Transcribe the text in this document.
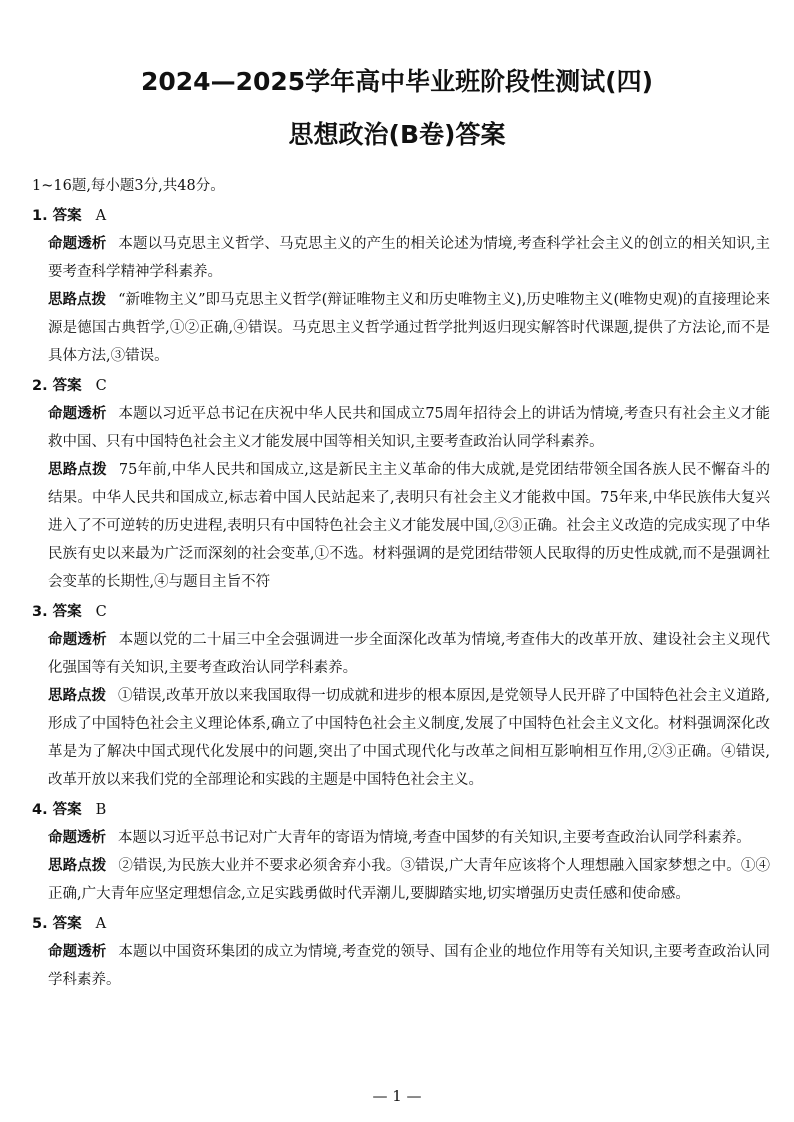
2024—2025学年高中毕业班阶段性测试(四)
思想政治(B卷)答案
1~16题,每小题3分,共48分。
1. 答案 A
命题透析 本题以马克思主义哲学、马克思主义的产生的相关论述为情境,考查科学社会主义的创立的相关知识,主要考查科学精神学科素养。
思路点拨 “新唯物主义”即马克思主义哲学(辩证唯物主义和历史唯物主义),历史唯物主义(唯物史观)的直接理论来源是德国古典哲学,①②正确,④错误。马克思主义哲学通过哲学批判返归现实解答时代课题,提供了方法论,而不是具体方法,③错误。
2. 答案 C
命题透析 本题以习近平总书记在庆祝中华人民共和国成立75周年招待会上的讲话为情境,考查只有社会主义才能救中国、只有中国特色社会主义才能发展中国等相关知识,主要考查政治认同学科素养。
思路点拨 75年前,中华人民共和国成立,这是新民主主义革命的伟大成就,是党团结带领全国各族人民不懈奋斗的结果。中华人民共和国成立,标志着中国人民站起来了,表明只有社会主义才能救中国。75年来,中华民族伟大复兴进入了不可逆转的历史进程,表明只有中国特色社会主义才能发展中国,②③正确。社会主义改造的完成实现了中华民族有史以来最为广泛而深刻的社会变革,①不选。材料强调的是党团结带领人民取得的历史性成就,而不是强调社会变革的长期性,④与题目主旨不符
3. 答案 C
命题透析 本题以党的二十届三中全会强调进一步全面深化改革为情境,考查伟大的改革开放、建设社会主义现代化强国等有关知识,主要考查政治认同学科素养。
思路点拨 ①错误,改革开放以来我国取得一切成就和进步的根本原因,是党领导人民开辟了中国特色社会主义道路,形成了中国特色社会主义理论体系,确立了中国特色社会主义制度,发展了中国特色社会主义文化。材料强调深化改革是为了解决中国式现代化发展中的问题,突出了中国式现代化与改革之间相互影响相互作用,②③正确。④错误,改革开放以来我们党的全部理论和实践的主题是中国特色社会主义。
4. 答案 B
命题透析 本题以习近平总书记对广大青年的寄语为情境,考查中国梦的有关知识,主要考查政治认同学科素养。
思路点拨 ②错误,为民族大业并不要求必须舍弃小我。③错误,广大青年应该将个人理想融入国家梦想之中。①④正确,广大青年应坚定理想信念,立足实践勇做时代弄潮儿,要脚踏实地,切实增强历史责任感和使命感。
5. 答案 A
命题透析 本题以中国资环集团的成立为情境,考查党的领导、国有企业的地位作用等有关知识,主要考查政治认同学科素养。
— 1 —
